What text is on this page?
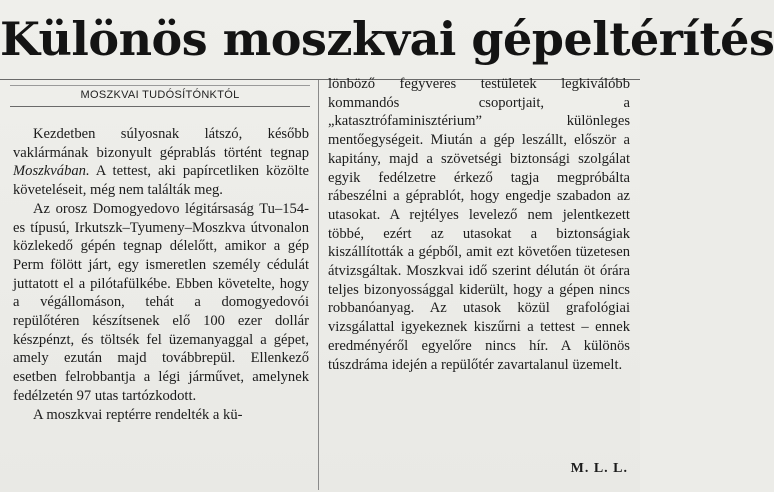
Különös moszkvai gépeltérítés
MOSZKVAI TUDÓSÍTÓNKTÓL

Kezdetben súlyosnak látszó, később vaklármának bizonyult géprablás történt tegnap Moszkvában. A tettest, aki papírcetliken közölte követeléseit, még nem találták meg.

Az orosz Domogyedovo légitársaság Tu–154-es típusú, Irkutszk–Tyumeny–Moszkva útvonalon közlekedő gépén tegnap délelőtt, amikor a gép Perm fölött járt, egy ismeretlen személy cédulát juttatott el a pilótafülkébe. Ebben követelte, hogy a végállomáson, tehát a domogyedovói repülőtéren készítsenek elő 100 ezer dollár készpénzt, és töltsék fel üzemanyaggal a gépet, amely ezután majd továbbrepül. Ellenkező esetben felrobbantja a légi járművet, amelynek fedélzetén 97 utas tartózkodott.

A moszkvai reptérre rendelték a kü-

lönböző fegyveres testületek legkiválóbb kommandós csoportjait, a „katasztrófaminisztérium” különleges mentőegységeit. Miután a gép leszállt, először a kapitány, majd a szövetségi biztonsági szolgálat egyik fedélzetre érkező tagja megpróbálta rábeszélni a géprablót, hogy engedje szabadon az utasokat. A rejtélyes levelező nem jelentkezett többé, ezért az utasokat a biztonságiak kiszállították a gépből, amit ezt követően tüzetesen átvizsgáltak. Moszkvai idő szerint délután öt órára teljes bizonyossággal kiderült, hogy a gépen nincs robbanóanyag. Az utasok közül grafológiai vizsgálattal igyekeznek kiszűrni a tettest – ennek eredményéről egyelőre nincs hír. A különös túszdráma idején a repülőtér zavartalanul üzemelt.

M. L. L.
